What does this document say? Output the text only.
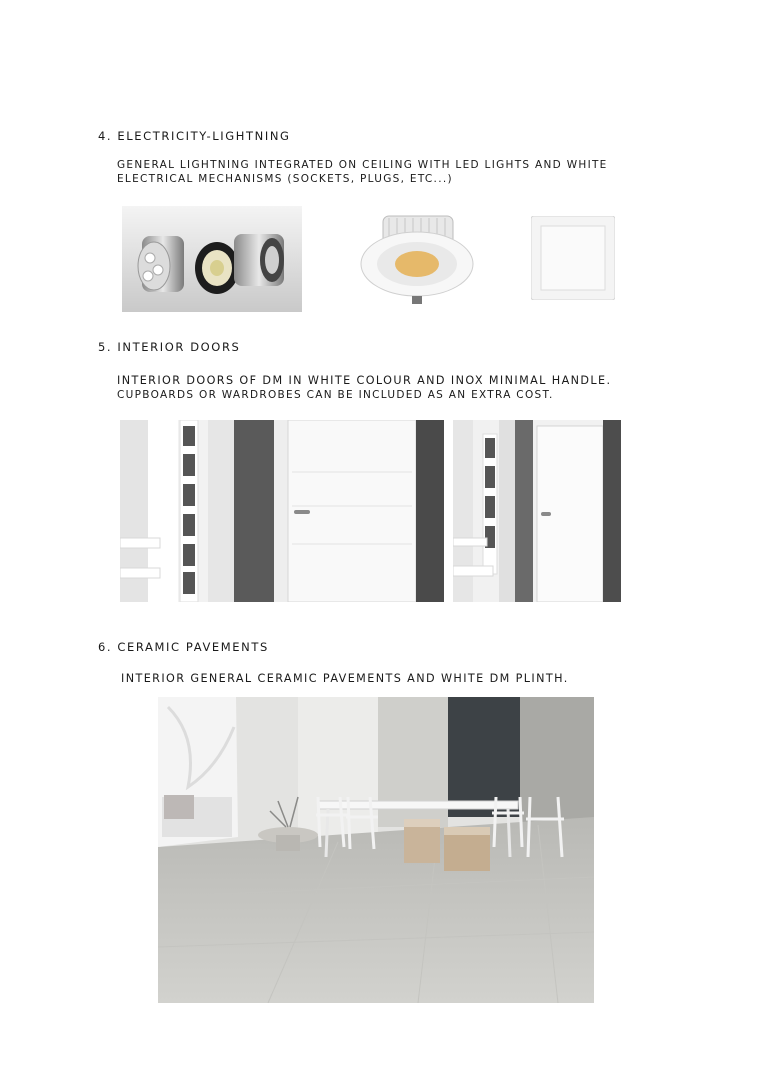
4. ELECTRICITY-LIGHTNING

GENERAL LIGHTNING INTEGRATED ON CEILING WITH LED LIGHTS AND WHITE

ELECTRICAL MECHANISMS (SOCKETS, PLUGS, ETC...)

5. INTERIOR DOORS

INTERIOR DOORS OF DM IN WHITE COLOUR AND INOX MINIMAL HANDLE.

CUPBOARDS OR WARDROBES CAN BE INCLUDED AS AN EXTRA COST.

6. CERAMIC PAVEMENTS

INTERIOR GENERAL CERAMIC PAVEMENTS AND WHITE DM PLINTH.
